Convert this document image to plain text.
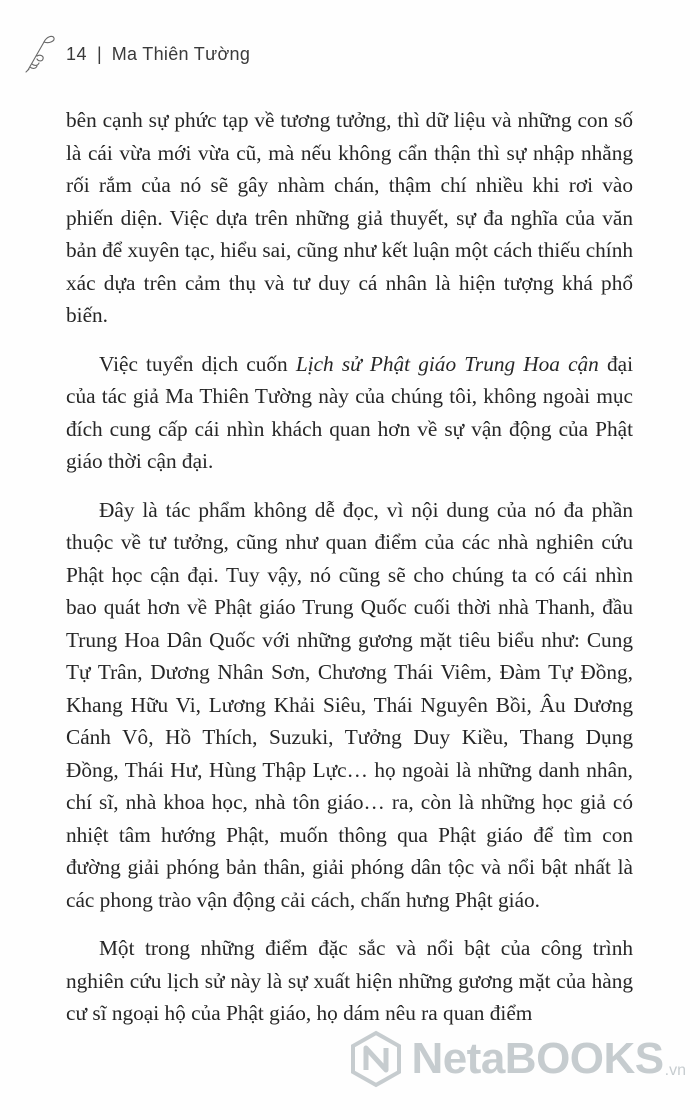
14 | Ma Thiên Tường

bên cạnh sự phức tạp về tương tưởng, thì dữ liệu và những con số là cái vừa mới vừa cũ, mà nếu không cẩn thận thì sự nhập nhằng rối rắm của nó sẽ gây nhàm chán, thậm chí nhiều khi rơi vào phiến diện. Việc dựa trên những giả thuyết, sự đa nghĩa của văn bản để xuyên tạc, hiểu sai, cũng như kết luận một cách thiếu chính xác dựa trên cảm thụ và tư duy cá nhân là hiện tượng khá phổ biến.

Việc tuyển dịch cuốn Lịch sử Phật giáo Trung Hoa cận đại của tác giả Ma Thiên Tường này của chúng tôi, không ngoài mục đích cung cấp cái nhìn khách quan hơn về sự vận động của Phật giáo thời cận đại.

Đây là tác phẩm không dễ đọc, vì nội dung của nó đa phần thuộc về tư tưởng, cũng như quan điểm của các nhà nghiên cứu Phật học cận đại. Tuy vậy, nó cũng sẽ cho chúng ta có cái nhìn bao quát hơn về Phật giáo Trung Quốc cuối thời nhà Thanh, đầu Trung Hoa Dân Quốc với những gương mặt tiêu biểu như: Cung Tự Trân, Dương Nhân Sơn, Chương Thái Viêm, Đàm Tự Đồng, Khang Hữu Vi, Lương Khải Siêu, Thái Nguyên Bồi, Âu Dương Cánh Vô, Hồ Thích, Suzuki, Tưởng Duy Kiều, Thang Dụng Đồng, Thái Hư, Hùng Thập Lực… họ ngoài là những danh nhân, chí sĩ, nhà khoa học, nhà tôn giáo… ra, còn là những học giả có nhiệt tâm hướng Phật, muốn thông qua Phật giáo để tìm con đường giải phóng bản thân, giải phóng dân tộc và nổi bật nhất là các phong trào vận động cải cách, chấn hưng Phật giáo.

Một trong những điểm đặc sắc và nổi bật của công trình nghiên cứu lịch sử này là sự xuất hiện những gương mặt của hàng cư sĩ ngoại hộ của Phật giáo, họ dám nêu ra quan điểm

NetaBOOKS .vn
